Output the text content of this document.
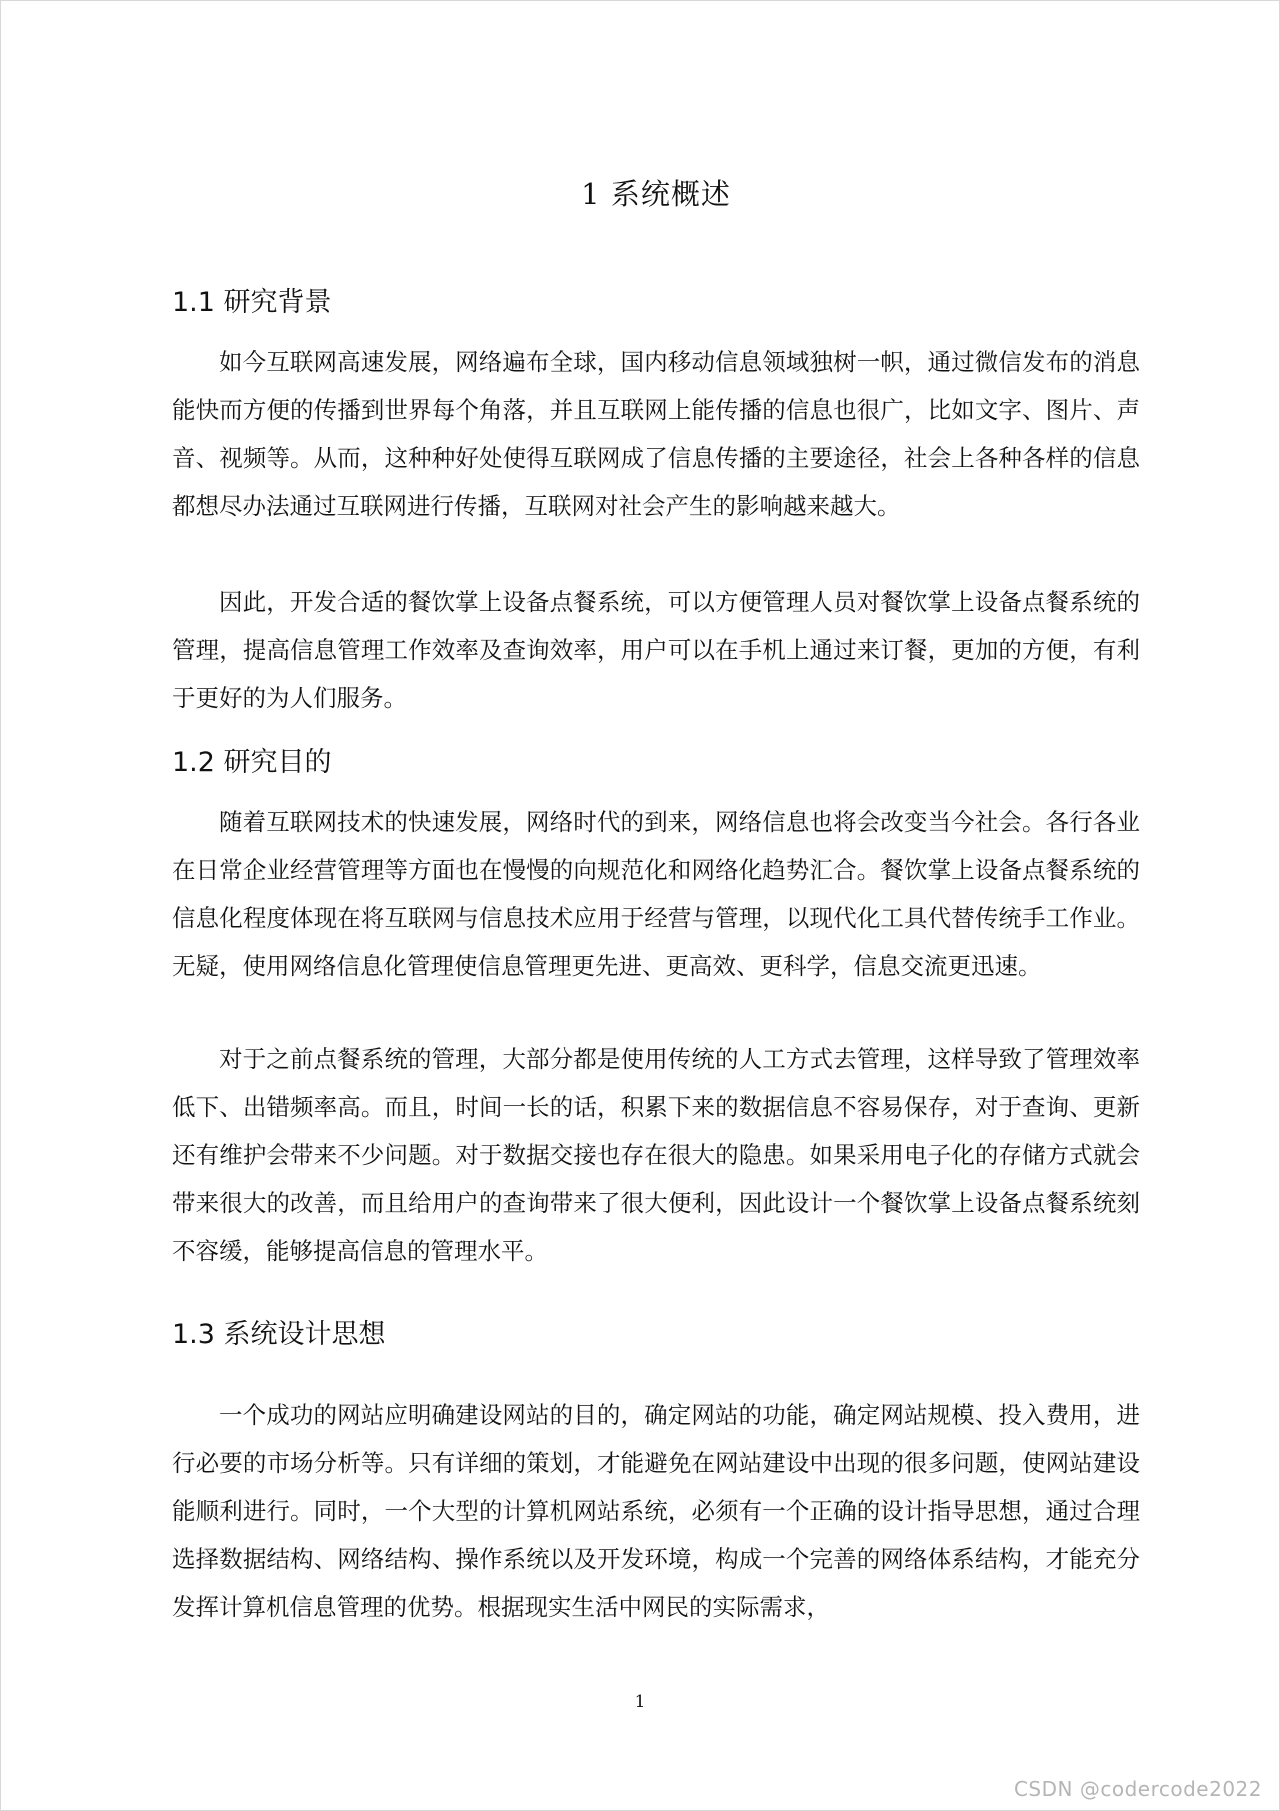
1 系统概述
1.1 研究背景

如今互联网高速发展，网络遍布全球，国内移动信息领域独树一帜，通过微信发布的消息能快而方便的传播到世界每个角落，并且互联网上能传播的信息也很广，比如文字、图片、声音、视频等。从而，这种种好处使得互联网成了信息传播的主要途径，社会上各种各样的信息都想尽办法通过互联网进行传播，互联网对社会产生的影响越来越大。

因此，开发合适的餐饮掌上设备点餐系统，可以方便管理人员对餐饮掌上设备点餐系统的管理，提高信息管理工作效率及查询效率，用户可以在手机上通过来订餐，更加的方便，有利于更好的为人们服务。

1.2 研究目的

随着互联网技术的快速发展，网络时代的到来，网络信息也将会改变当今社会。各行各业在日常企业经营管理等方面也在慢慢的向规范化和网络化趋势汇合。餐饮掌上设备点餐系统的信息化程度体现在将互联网与信息技术应用于经营与管理，以现代化工具代替传统手工作业。无疑，使用网络信息化管理使信息管理更先进、更高效、更科学，信息交流更迅速。

对于之前点餐系统的管理，大部分都是使用传统的人工方式去管理，这样导致了管理效率低下、出错频率高。而且，时间一长的话，积累下来的数据信息不容易保存，对于查询、更新还有维护会带来不少问题。对于数据交接也存在很大的隐患。如果采用电子化的存储方式就会带来很大的改善，而且给用户的查询带来了很大便利，因此设计一个餐饮掌上设备点餐系统刻不容缓，能够提高信息的管理水平。

1.3 系统设计思想

一个成功的网站应明确建设网站的目的，确定网站的功能，确定网站规模、投入费用，进行必要的市场分析等。只有详细的策划，才能避免在网站建设中出现的很多问题，使网站建设能顺利进行。同时，一个大型的计算机网站系统，必须有一个正确的设计指导思想，通过合理选择数据结构、网络结构、操作系统以及开发环境，构成一个完善的网络体系结构，才能充分发挥计算机信息管理的优势。根据现实生活中网民的实际需求，

1
CSDN @codercode2022
